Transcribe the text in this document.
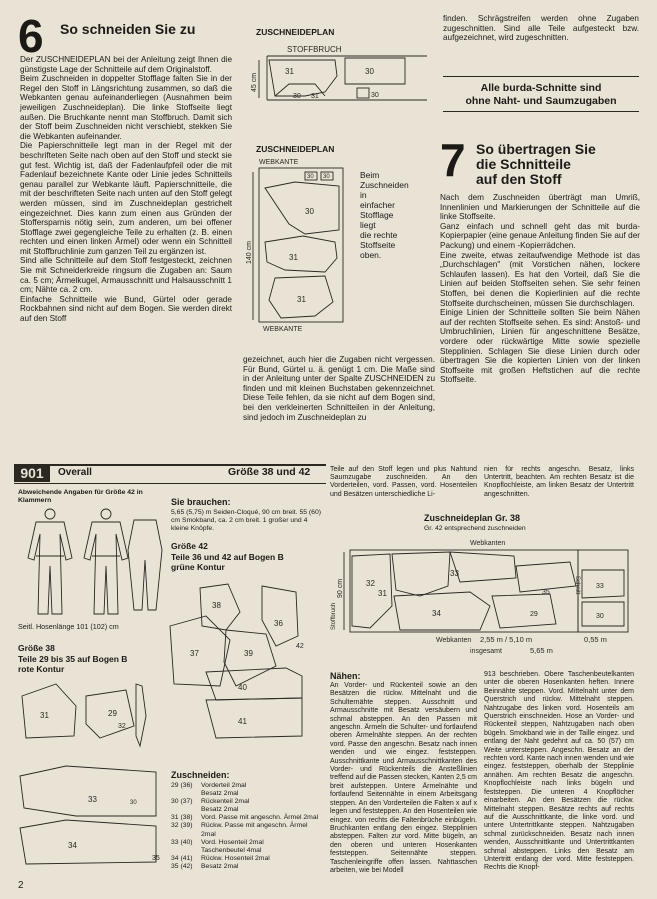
6 So schneiden Sie zu

Der ZUSCHNEIDEPLAN bei der Anleitung zeigt Ihnen die günstigste Lage der Schnitteile auf dem Originalstoff.

Beim Zuschneiden in doppelter Stofflage falten Sie in der Regel den Stoff in Längsrichtung zusammen, so daß die Webkanten genau aufeinanderliegen (Ausnahmen beim jeweiligen Zuschneideplan). Die linke Stoffseite liegt außen. Die Bruchkante nennt man Stoffbruch. Damit sich der Stoff beim Zuschneiden nicht verschiebt, stekken Sie die Webkanten aufeinander.

Die Papierschnitteile legt man in der Regel mit der beschrifteten Seite nach oben auf den Stoff und steckt sie gut fest. Wichtig ist, daß der Fadenlaufpfeil oder die mit Fadenlauf bezeichnete Kante oder Linie jedes Schnitteils genau parallel zur Webkante läuft. Papierschnitteile, die mit der beschrifteten Seite nach unten auf den Stoff gelegt werden müssen, sind im Zuschneideplan gestrichelt eingezeichnet. Dies kann zum einen aus Gründen der Stoffersparnis nötig sein, zum anderen, um bei offener Stofflage zwei gegengleiche Teile zu erhalten (z. B. einen rechten und einen linken Ärmel) oder wenn ein Schnitteil mit Stoffbruchlinie zum ganzen Teil zu ergänzen ist.

Sind alle Schnitteile auf dem Stoff festgesteckt, zeichnen Sie mit Schneiderkreide ringsum die Zugaben an: Saum ca. 5 cm; Ärmelkugel, Armausschnitt und Halsausschnitt 1 cm; Nähte ca. 2 cm.

Einfache Schnitteile wie Bund, Gürtel oder gerade Rockbahnen sind nicht auf dem Bogen. Sie werden direkt auf den Stoff

ZUSCHNEIDEPLAN
STOFFBRUCH
31	30
30 31	30
45 cm
ZUSCHNEIDEPLAN
WEBKANTE
30 30
30
31
31
140 cm
WEBKANTE
Beim
Zuschneiden
in
einfacher
Stofflage
liegt
die rechte
Stoffseite
oben.
gezeichnet, auch hier die Zugaben nicht vergessen. Für Bund, Gürtel u. ä. genügt 1 cm. Die Maße sind in der Anleitung unter der Spalte ZUSCHNEIDEN zu finden und mit kleinen Buchstaben gekennzeichnet. Diese Teile fehlen, da sie nicht auf dem Bogen sind, bei den verkleinerten Schnitteilen in der Anleitung, sind jedoch im Zuschneideplan zu
finden. Schrägstreifen werden ohne Zugaben zugeschnitten. Sind alle Teile aufgesteckt bzw. aufgezeichnet, wird zugeschnitten.
Alle burda-Schnitte sind
ohne Naht- und Saumzugaben
7 So übertragen Sie
die Schnitteile
auf den Stoff

Nach dem Zuschneiden überträgt man Umriß, Innenlinien und Markierungen der Schnitteile auf die linke Stoffseite.

Ganz einfach und schnell geht das mit burda-Kopierpapier (eine genaue Anleitung finden Sie auf der Packung) und einem -Kopierrädchen.

Eine zweite, etwas zeitaufwendige Methode ist das „Durchschlagen" (mit Vorstichen nähen, lockere Schlaufen lassen). Es hat den Vorteil, daß Sie die Linien auf beiden Stoffseiten sehen. Sie sehr feinen Stoffen, bei denen die Kopierlinien auf die rechte Stoffseite durchscheinen, müssen Sie durchschlagen.

Einige Linien der Schnitteile sollten Sie beim Nähen auf der rechten Stoffseite sehen. Es sind: Anstoß- und Umbruchlinien, Linien für angeschnittene Besätze, vordere oder rückwärtige Mitte sowie spezielle Stepplinien. Schlagen Sie diese Linien durch oder übertragen Sie die kopierten Linien von der linken Stoffseite mit großen Heftstichen auf die rechte Stoffseite.

901	Overall	Größe 38 und 42
Abweichende Angaben für Größe 42 in Klammern
Seitl. Hosenlänge 101 (102) cm
Größe 38
Teile 29 bis 35 auf Bogen B
rote Kontur
31	29
32
33
34
35
30
Sie brauchen:
5,65 (5,75) m Seiden-Cloqué, 90 cm breit. 55 (60) cm Smokband, ca. 2 cm breit. 1 großer und 4 kleine Knöpfe.
Größe 42
Teile 36 und 42 auf Bogen B
grüne Kontur
38
36
37	39
40
41
42
Zuschneiden:
29 (36)	Vorderteil 2mal
Besatz 2mal
30 (37)	Rückenteil 2mal
Besatz 2mal
31 (38)	Vord. Passe mit angeschn. Ärmel 2mal
32 (39)	Rückw. Passe mit angeschn. Ärmel 2mal
33 (40)	Vord. Hosenteil 2mal
Taschenbeutel 4mal
34 (41)	Rückw. Hosenteil 2mal
35 (42)	Besatz 2mal
Teile auf den Stoff legen und plus Nahtund Saumzugabe zuschneiden. An den Vorderteilen, vord. Passen, vord. Hosenteilen und Besätzen unterschiedliche Li-
nien für rechts angeschn. Besatz, links Untertritt, beachten. Am rechten Besatz ist die Knopflochleiste, am linken Besatz der Untertritt angeschnitten.
Zuschneideplan Gr. 38
Gr. 42 entsprechend zuschneiden
Webkanten
32
31
33
34
35
29
33
30
90 cm
Stoffbruch
Schnitt
Webkanten 2,55 m / 5,10 m
insgesamt	5,65 m
0,55 m
Nähen:
An Vorder- und Rückenteil sowie an den Besätzen die rückw. Mittelnaht und die Schulternähte steppen. Ausschnitt und Armausschnitte mit Besatz versäubern und schmal absteppen. An den Passen mit angeschn. Ärmeln die Schulter- und fortlaufend oberen Ärmelnähte steppen. An der rechten vord. Passe den angeschn. Besatz nach innen wenden und wie eingez. feststeppen. Ausschnittkante und Armausschnittkanten des Vorder- und Rückenteils die Ansteßlinien treffend auf die Passen stecken, Kanten 2,5 cm breit aufsteppen. Untere Ärmelnähte und fortlaufend Seitennähte in einem Arbeitsgang steppen. An den Vorderteilen die Falten x auf x legen und feststeppen. An den Hosenteilen wie eingez. von rechts die Faltenbrüche einbügeln. Bruchkanten entlang den eingez. Stepplinien absteppen. Falten zur vord. Mitte bügeln, an den oberen und unteren Hosenkanten feststeppen. Seitennähte steppen. Taschenleingriffe offen lassen. Nahttaschen arbeiten, wie bei Modell
913 beschrieben. Obere Taschenbeutelkanten unter die oberen Hosenkanten heften. Innere Beinnähte steppen. Vord. Mittelnaht unter dem Querstrich und rückw. Mittelnaht steppen. Nahtzugabe des linken vord. Hosenteils am Querstrich einschneiden. Hose an Vorder- und Rückenteil steppen, Nahtzugaben nach oben bügeln. Smokband wie in der Taille eingez. und entlang der Naht gedehnt auf ca. 50 (57) cm Weite untersteppen. Angeschn. Besatz an der rechten vord. Kante nach innen wenden und wie eingez. feststeppen, oberhalb der Stepplinie annähen. Am rechten Besatz die angeschn. Knopflochleiste nach links bügeln und feststeppen. Die unteren 4 Knopflöcher einarbeiten. An den Besätzen die rückw. Mittelnaht steppen. Besätze rechts auf rechts auf die Ausschnittkante, die linke vord. und untere Untertrittkante steppen. Nahtzugaben schmal zurückschneiden. Besatz nach innen wenden, Ausschnittkante und Untertrittkanten schmal absteppen. Links den Besatz am Untertritt entlang der vord. Mitte feststeppen. Rechts die Knopf-
2
